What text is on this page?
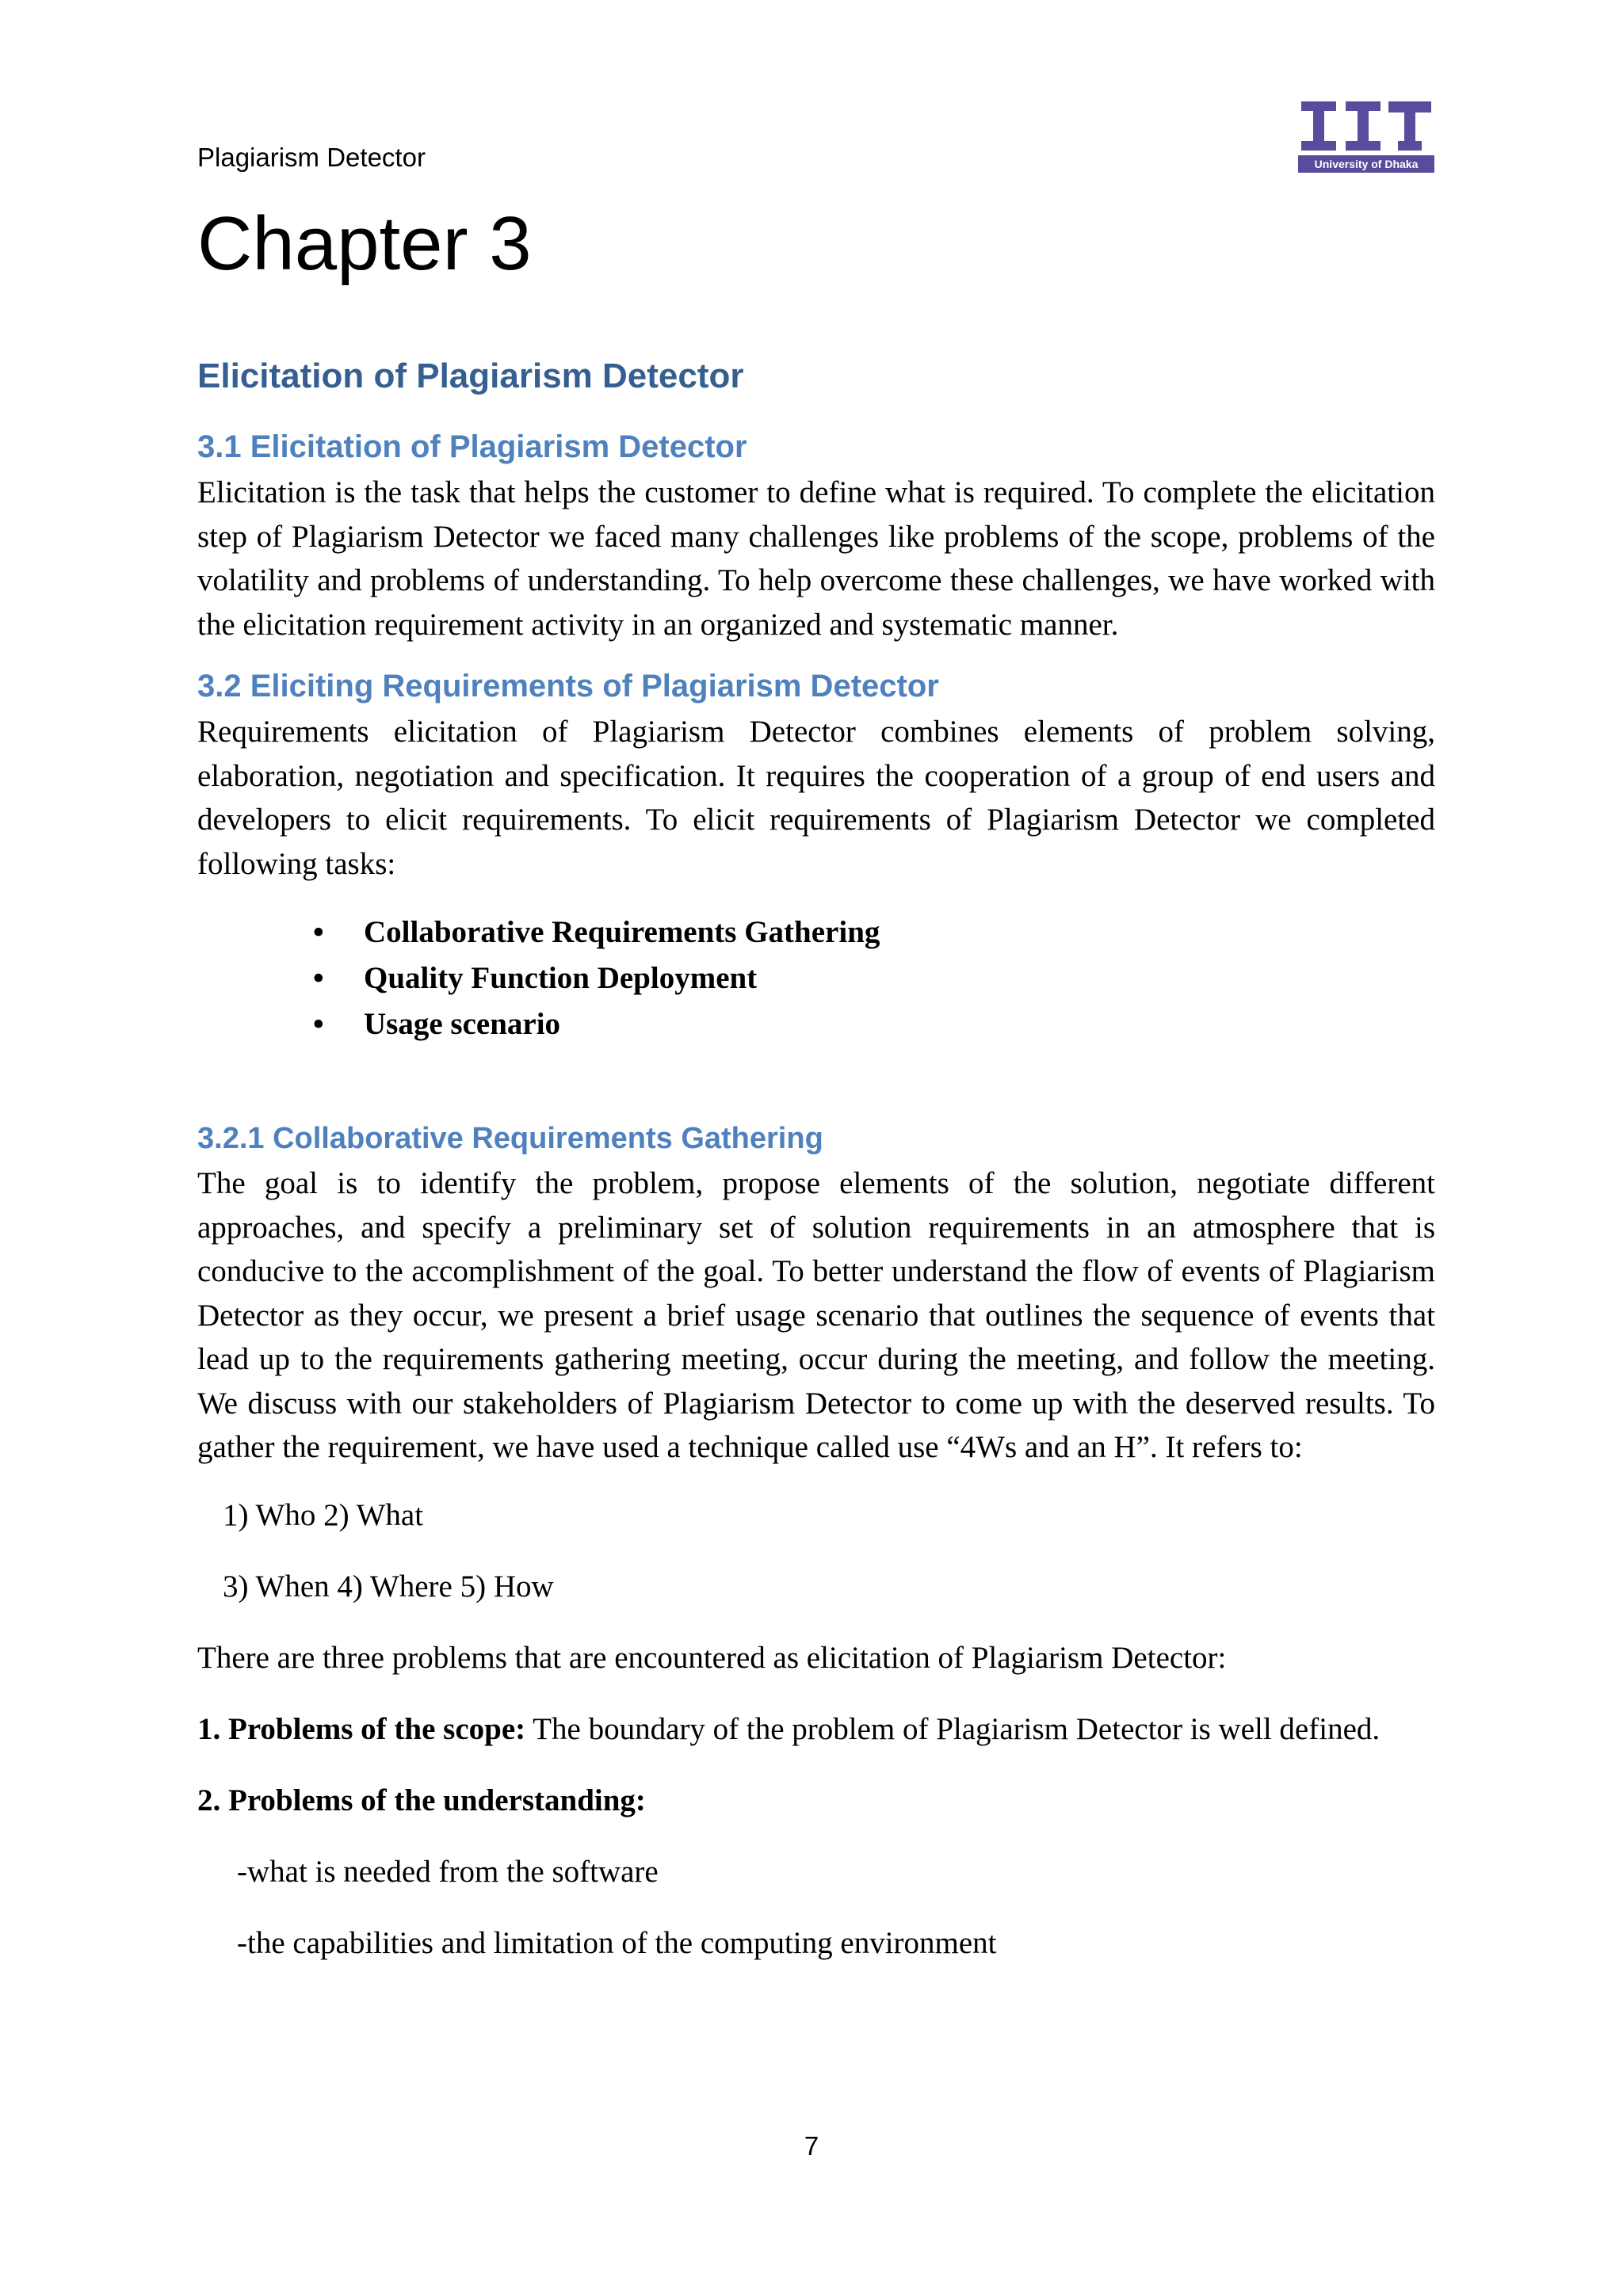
Plagiarism Detector	University of Dhaka
Chapter 3
Elicitation of Plagiarism Detector
3.1 Elicitation of Plagiarism Detector

Elicitation is the task that helps the customer to define what is required. To complete the elicitation step of Plagiarism Detector we faced many challenges like problems of the scope, problems of the volatility and problems of understanding. To help overcome these challenges, we have worked with the elicitation requirement activity in an organized and systematic manner.

3.2 Eliciting Requirements of Plagiarism Detector

Requirements elicitation of Plagiarism Detector combines elements of problem solving, elaboration, negotiation and specification. It requires the cooperation of a group of end users and developers to elicit requirements. To elicit requirements of Plagiarism Detector we completed following tasks:

• Collaborative Requirements Gathering
• Quality Function Deployment
• Usage scenario
3.2.1 Collaborative Requirements Gathering

The goal is to identify the problem, propose elements of the solution, negotiate different approaches, and specify a preliminary set of solution requirements in an atmosphere that is conducive to the accomplishment of the goal. To better understand the flow of events of Plagiarism Detector as they occur, we present a brief usage scenario that outlines the sequence of events that lead up to the requirements gathering meeting, occur during the meeting, and follow the meeting. We discuss with our stakeholders of Plagiarism Detector to come up with the deserved results. To gather the requirement, we have used a technique called use “4Ws and an H”. It refers to:

1) Who 2) What

3) When 4) Where 5) How

There are three problems that are encountered as elicitation of Plagiarism Detector:

1. Problems of the scope: The boundary of the problem of Plagiarism Detector is well defined.

2. Problems of the understanding:

-what is needed from the software

-the capabilities and limitation of the computing environment

7
